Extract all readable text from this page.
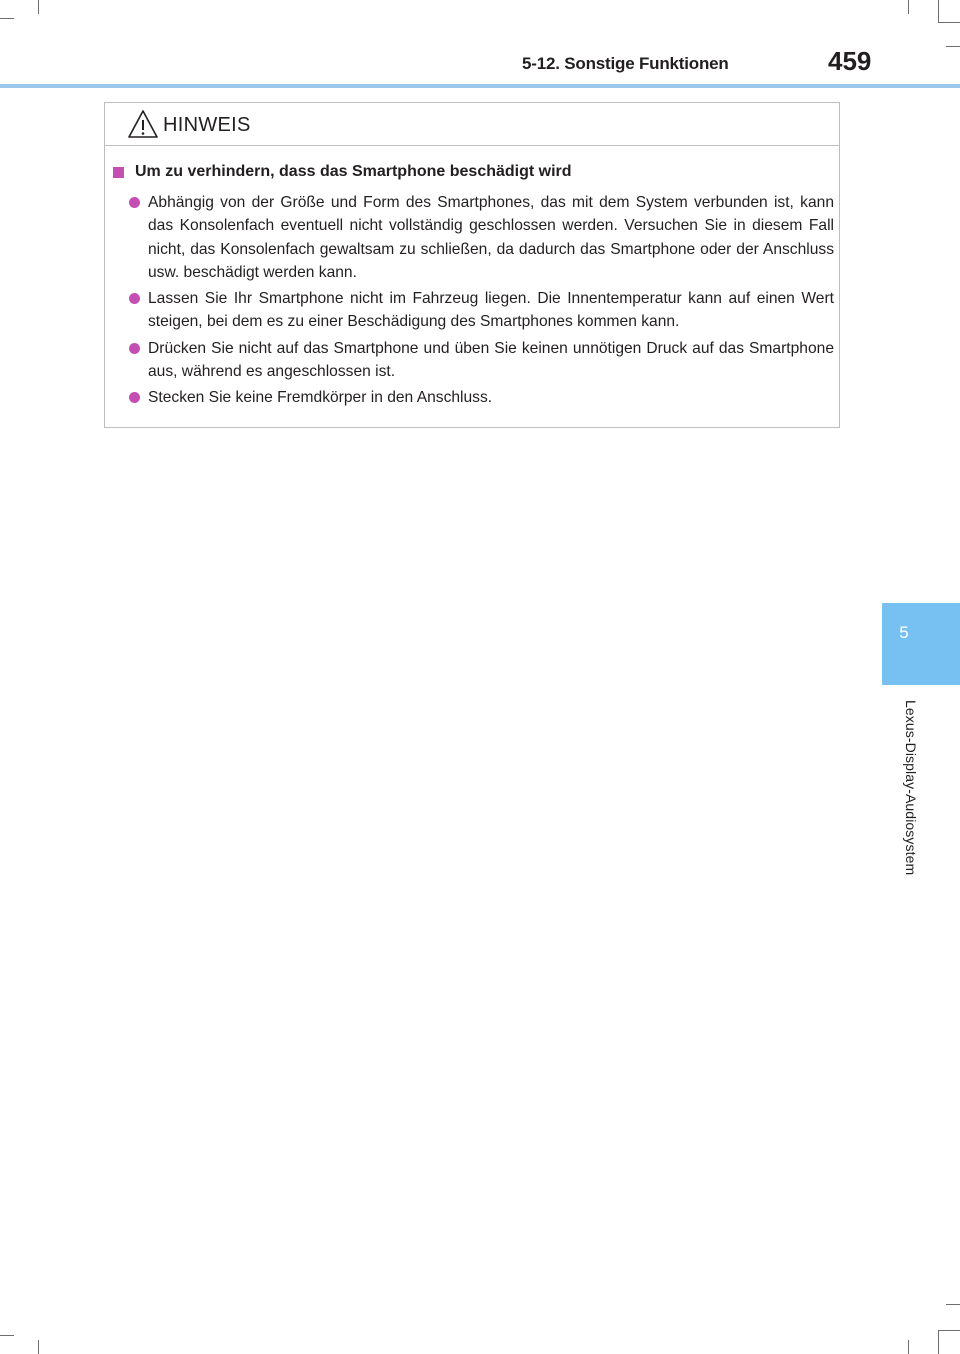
5-12. Sonstige Funktionen	459
5
Lexus-Display-Audiosystem
HINWEIS
Um zu verhindern, dass das Smartphone beschädigt wird
Abhängig von der Größe und Form des Smartphones, das mit dem System verbunden ist, kann das Konsolenfach eventuell nicht vollständig geschlossen werden. Versuchen Sie in diesem Fall nicht, das Konsolenfach gewaltsam zu schließen, da dadurch das Smartphone oder der Anschluss usw. beschädigt werden kann.
Lassen Sie Ihr Smartphone nicht im Fahrzeug liegen. Die Innentemperatur kann auf einen Wert steigen, bei dem es zu einer Beschädigung des Smartphones kommen kann.
Drücken Sie nicht auf das Smartphone und üben Sie keinen unnötigen Druck auf das Smartphone aus, während es angeschlossen ist.
Stecken Sie keine Fremdkörper in den Anschluss.
